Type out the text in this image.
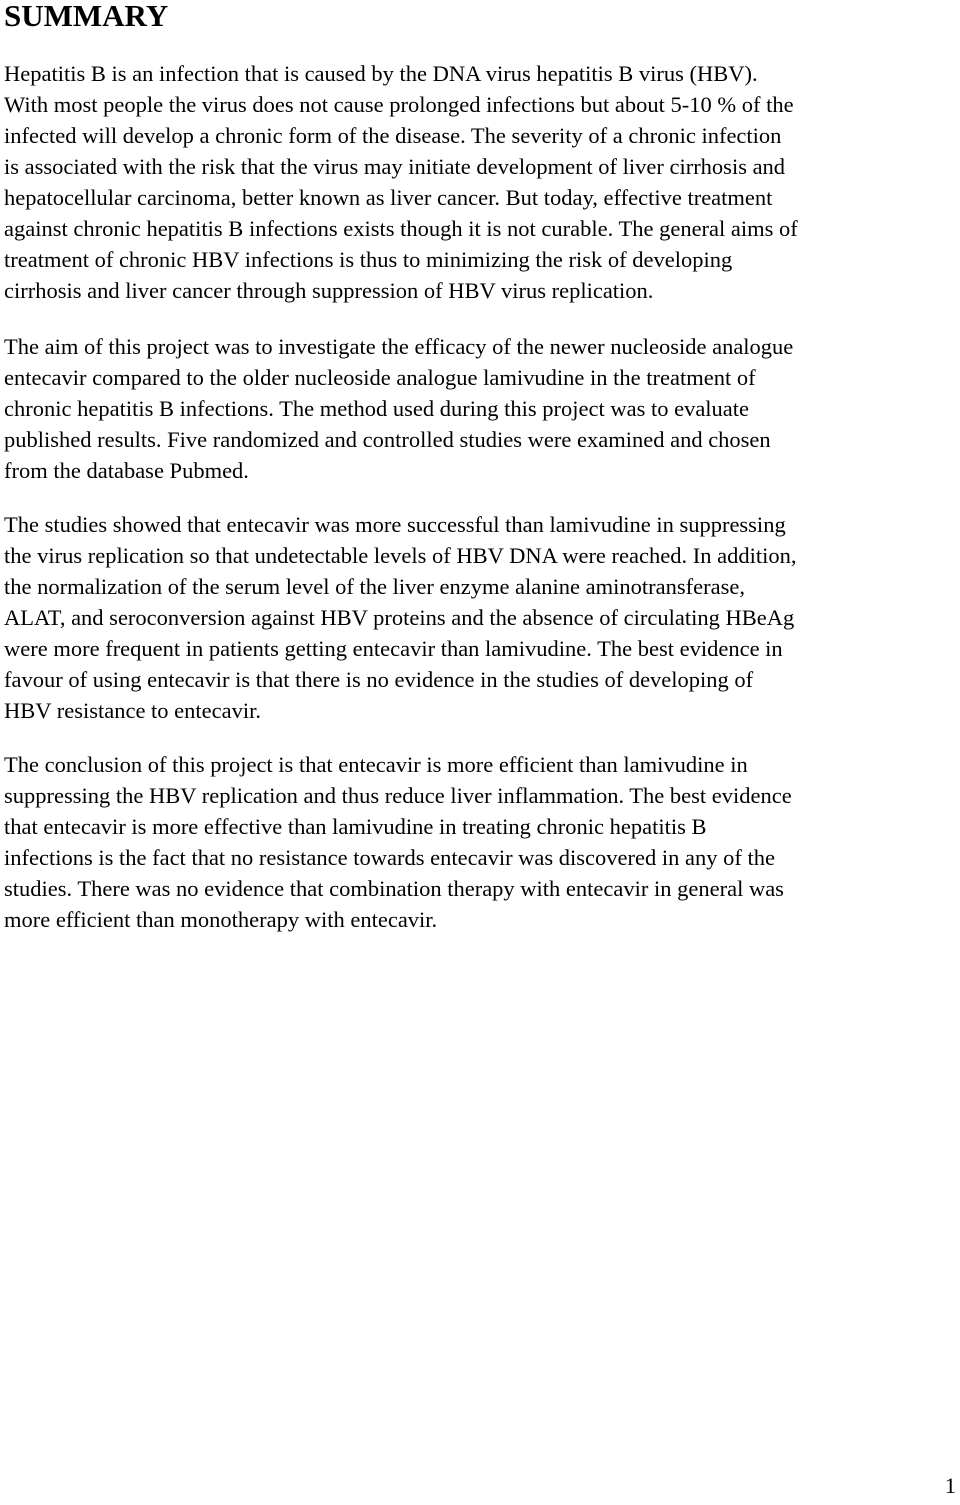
SUMMARY

Hepatitis B is an infection that is caused by the DNA virus hepatitis B virus (HBV).
With most people the virus does not cause prolonged infections but about 5-10 % of the
infected will develop a chronic form of the disease. The severity of a chronic infection
is associated with the risk that the virus may initiate development of liver cirrhosis and
hepatocellular carcinoma, better known as liver cancer. But today, effective treatment
against chronic hepatitis B infections exists though it is not curable. The general aims of
treatment of chronic HBV infections is thus to minimizing the risk of developing
cirrhosis and liver cancer through suppression of HBV virus replication.

The aim of this project was to investigate the efficacy of the newer nucleoside analogue
entecavir compared to the older nucleoside analogue lamivudine in the treatment of
chronic hepatitis B infections. The method used during this project was to evaluate
published results. Five randomized and controlled studies were examined and chosen
from the database Pubmed.

The studies showed that entecavir was more successful than lamivudine in suppressing
the virus replication so that undetectable levels of HBV DNA were reached. In addition,
the normalization of the serum level of the liver enzyme alanine aminotransferase,
ALAT, and seroconversion against HBV proteins and the absence of circulating HBeAg
were more frequent in patients getting entecavir than lamivudine. The best evidence in
favour of using entecavir is that there is no evidence in the studies of developing of
HBV resistance to entecavir.

The conclusion of this project is that entecavir is more efficient than lamivudine in
suppressing the HBV replication and thus reduce liver inflammation. The best evidence
that entecavir is more effective than lamivudine in treating chronic hepatitis B
infections is the fact that no resistance towards entecavir was discovered in any of the
studies. There was no evidence that combination therapy with entecavir in general was
more efficient than monotherapy with entecavir.

1
